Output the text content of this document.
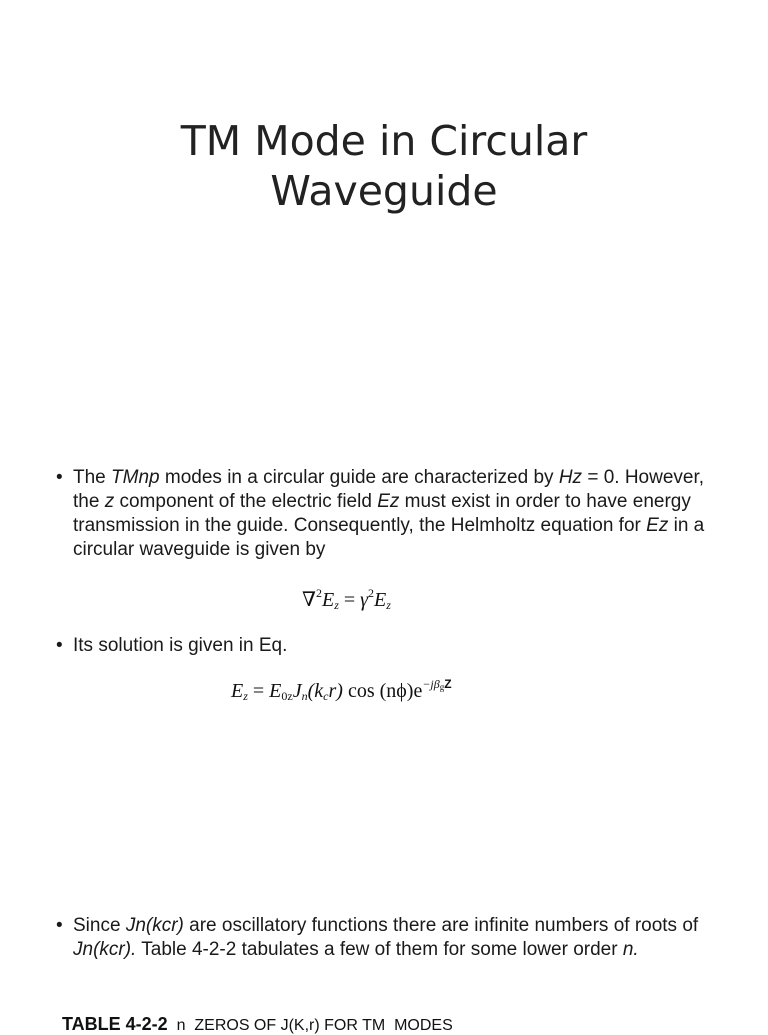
TM Mode in Circular
Waveguide
• The TMnp modes in a circular guide are characterized by Hz = 0. However, the z component of the electric field Ez must exist in order to have energy transmission in the guide. Consequently, the Helmholtz equation for Ez in a circular waveguide is given by
$\nabla^2E_z = \gamma^2E_z$
• Its solution is given in Eq.
$E_z = E_{0z}J_n(k_cr)$ $\cos (n\phi)e^{-j\beta_gZ}$
• Since Jn(kcr) are oscillatory functions there are infinite numbers of roots of Jn(kcr). Table 4-2-2 tabulates a few of them for some lower order n.
TABLE 4-2-2  n  ZEROS OF J(K,r) FOR TM  MODES
